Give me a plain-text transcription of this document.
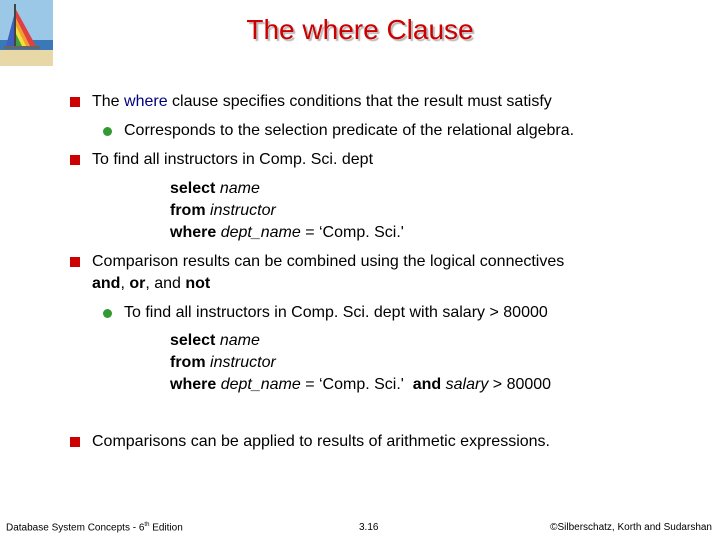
The where Clause
The where clause specifies conditions that the result must satisfy
Corresponds to the selection predicate of the relational algebra.
To find all instructors in Comp. Sci. dept
select name
from instructor
where dept_name = ‘Comp. Sci.'
Comparison results can be combined using the logical connectives
and, or, and not
To find all instructors in Comp. Sci. dept with salary > 80000
select name
from instructor
where dept_name = ‘Comp. Sci.'  and salary > 80000
Comparisons can be applied to results of arithmetic expressions.
Database System Concepts - 6th Edition	3.16	©Silberschatz, Korth and Sudarshan
